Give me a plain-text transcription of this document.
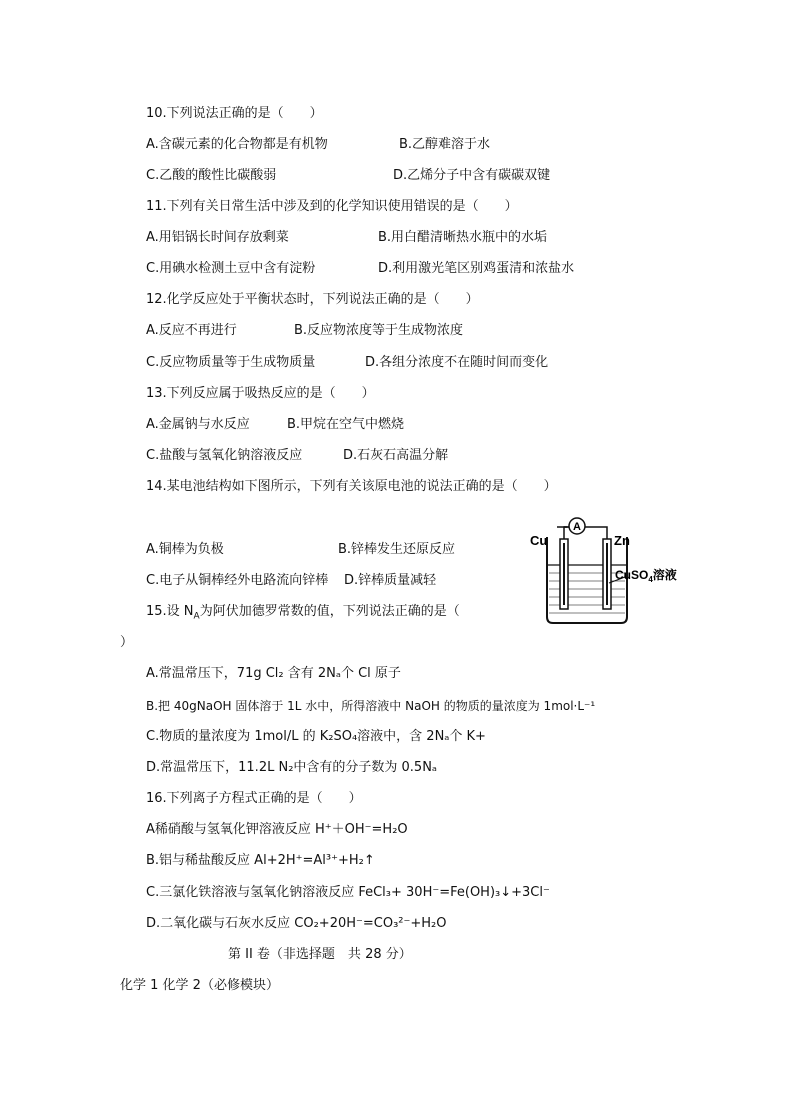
10.下列说法正确的是（　　）
A.含碳元素的化合物都是有机物	B.乙醇难溶于水
C.乙酸的酸性比碳酸弱	D.乙烯分子中含有碳碳双键
11.下列有关日常生活中涉及到的化学知识使用错误的是（　　）
A.用铝锅长时间存放剩菜	B.用白醋清晰热水瓶中的水垢
C.用碘水检测土豆中含有淀粉	D.利用激光笔区别鸡蛋清和浓盐水
12.化学反应处于平衡状态时，下列说法正确的是（　　）
A.反应不再进行	B.反应物浓度等于生成物浓度
C.反应物质量等于生成物质量	D.各组分浓度不在随时间而变化
13.下列反应属于吸热反应的是（　　）
A.金属钠与水反应	B.甲烷在空气中燃烧
C.盐酸与氢氧化钠溶液反应	D.石灰石高温分解
14.某电池结构如下图所示，下列有关该原电池的说法正确的是（　　）
A.铜棒为负极	B.锌棒发生还原反应
C.电子从铜棒经外电路流向锌棒 D.锌棒质量减轻
A
Cu	Zn
CuSO$_4$溶液
15.设 $N_A$为阿伏加德罗常数的值，下列说法正确的是（
）
A.常温常压下，71g Cl₂ 含有 2Nₐ个 Cl 原子
B.把 40gNaOH 固体溶于 1L 水中，所得溶液中 NaOH 的物质的量浓度为 1mol·L⁻¹
C.物质的量浓度为 1mol/L 的 K₂SO₄溶液中，含 2Nₐ个 K+
D.常温常压下，11.2L N₂中含有的分子数为 0.5Nₐ
16.下列离子方程式正确的是（　　）
A稀硝酸与氢氧化钾溶液反应 H⁺＋OH⁻=H₂O
B.铝与稀盐酸反应 Al+2H⁺=Al³⁺+H₂↑
C.三氯化铁溶液与氢氧化钠溶液反应 FeCl₃+ 30H⁻=Fe(OH)₃↓+3Cl⁻
D.二氧化碳与石灰水反应 CO₂+20H⁻=CO₃²⁻+H₂O
第 II 卷（非选择题　共 28 分）
化学 1 化学 2（必修模块）
